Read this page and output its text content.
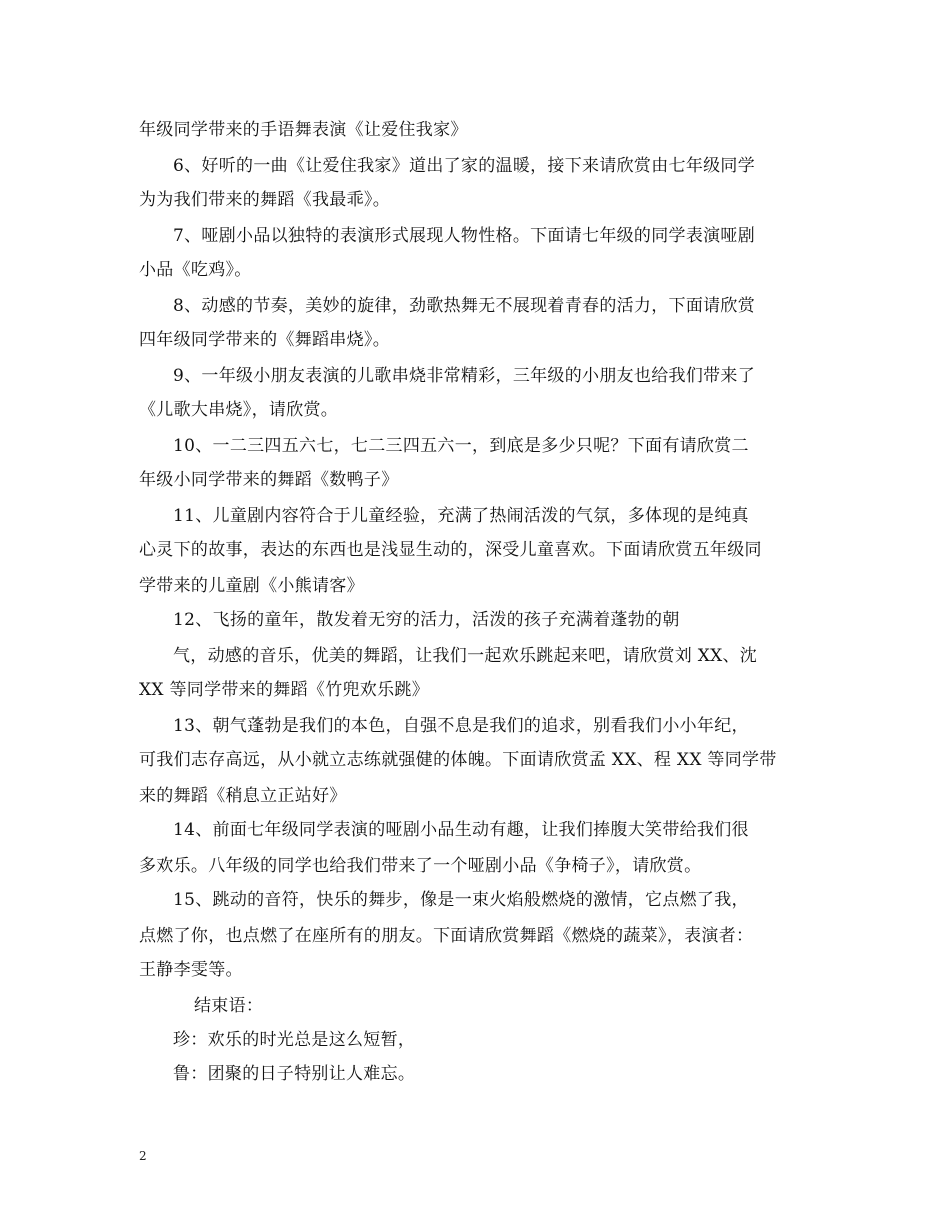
年级同学带来的手语舞表演《让爱住我家》
6、好听的一曲《让爱住我家》道出了家的温暖，接下来请欣赏由七年级同学
为为我们带来的舞蹈《我最乖》。
7、哑剧小品以独特的表演形式展现人物性格。下面请七年级的同学表演哑剧
小品《吃鸡》。
8、动感的节奏，美妙的旋律，劲歌热舞无不展现着青春的活力，下面请欣赏
四年级同学带来的《舞蹈串烧》。
9、一年级小朋友表演的儿歌串烧非常精彩，三年级的小朋友也给我们带来了
《儿歌大串烧》，请欣赏。
10、一二三四五六七，七二三四五六一，到底是多少只呢？下面有请欣赏二
年级小同学带来的舞蹈《数鸭子》
11、儿童剧内容符合于儿童经验，充满了热闹活泼的气氛，多体现的是纯真
心灵下的故事，表达的东西也是浅显生动的，深受儿童喜欢。下面请欣赏五年级同
学带来的儿童剧《小熊请客》
12、飞扬的童年，散发着无穷的活力，活泼的孩子充满着蓬勃的朝
气，动感的音乐，优美的舞蹈，让我们一起欢乐跳起来吧，请欣赏刘 XX、沈
XX 等同学带来的舞蹈《竹兜欢乐跳》
13、朝气蓬勃是我们的本色，自强不息是我们的追求，别看我们小小年纪，
可我们志存高远，从小就立志练就强健的体魄。下面请欣赏孟 XX、程 XX 等同学带
来的舞蹈《稍息立正站好》
14、前面七年级同学表演的哑剧小品生动有趣，让我们捧腹大笑带给我们很
多欢乐。八年级的同学也给我们带来了一个哑剧小品《争椅子》，请欣赏。
15、跳动的音符，快乐的舞步，像是一束火焰般燃烧的激情，它点燃了我，
点燃了你，也点燃了在座所有的朋友。下面请欣赏舞蹈《燃烧的蔬菜》，表演者：
王静李雯等。
结束语：
珍：欢乐的时光总是这么短暂，
鲁：团聚的日子特别让人难忘。
2
